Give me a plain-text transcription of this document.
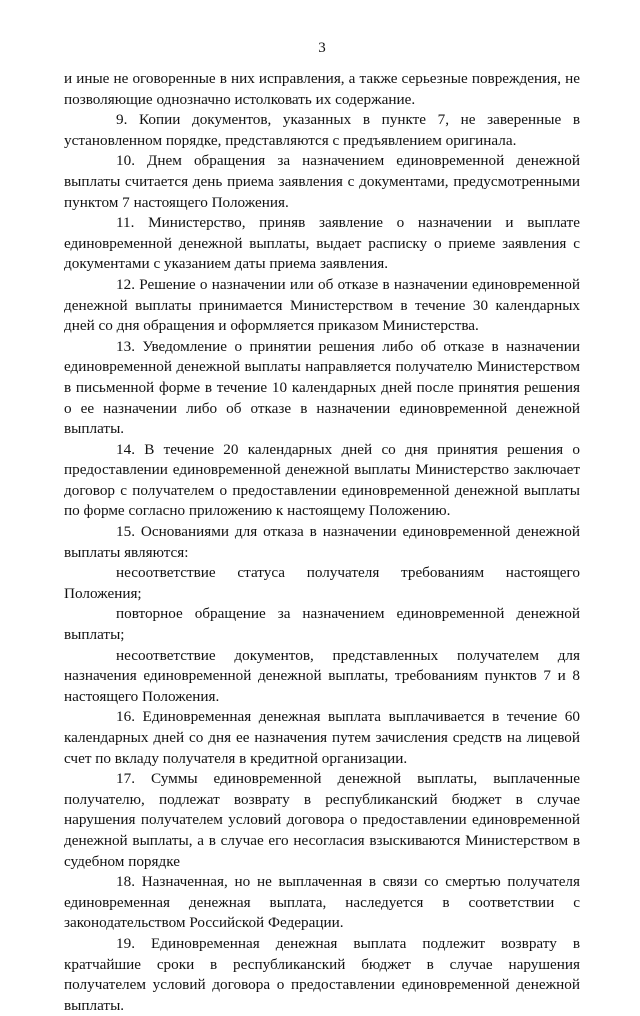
3

и иные не оговоренные в них исправления, а также серьезные повреждения, не позволяющие однозначно истолковать их содержание.

9. Копии документов, указанных в пункте 7, не заверенные в установленном порядке, представляются с предъявлением оригинала.

10. Днем обращения за назначением единовременной денежной выплаты считается день приема заявления с документами, предусмотренными пунктом 7 настоящего Положения.

11. Министерство, приняв заявление о назначении и выплате единовременной денежной выплаты, выдает расписку о приеме заявления с документами с указанием даты приема заявления.

12. Решение о назначении или об отказе в назначении единовременной денежной выплаты принимается Министерством в течение 30 календарных дней со дня обращения и оформляется приказом Министерства.

13. Уведомление о принятии решения либо об отказе в назначении единовременной денежной выплаты направляется получателю Министерством в письменной форме в течение 10 календарных дней после принятия решения о ее назначении либо об отказе в назначении единовременной денежной выплаты.

14. В течение 20 календарных дней со дня принятия решения о предоставлении единовременной денежной выплаты Министерство заключает договор с получателем о предоставлении единовременной денежной выплаты по форме согласно приложению к настоящему Положению.

15. Основаниями для отказа в назначении единовременной денежной выплаты являются:

несоответствие статуса получателя требованиям настоящего Положения;

повторное обращение за назначением единовременной денежной выплаты;

несоответствие документов, представленных получателем для назначения единовременной денежной выплаты, требованиям пунктов 7 и 8 настоящего Положения.

16. Единовременная денежная выплата выплачивается в течение 60 календарных дней со дня ее назначения путем зачисления средств на лицевой счет по вкладу получателя в кредитной организации.

17. Суммы единовременной денежной выплаты, выплаченные получателю, подлежат возврату в республиканский бюджет в случае нарушения получателем условий договора о предоставлении единовременной денежной выплаты, а в случае его несогласия взыскиваются Министерством в судебном порядке

18. Назначенная, но не выплаченная в связи со смертью получателя единовременная денежная выплата, наследуется в соответствии с законодательством Российской Федерации.

19. Единовременная денежная выплата подлежит возврату в кратчайшие сроки в республиканский бюджет в случае нарушения получателем условий договора о предоставлении единовременной денежной выплаты.
